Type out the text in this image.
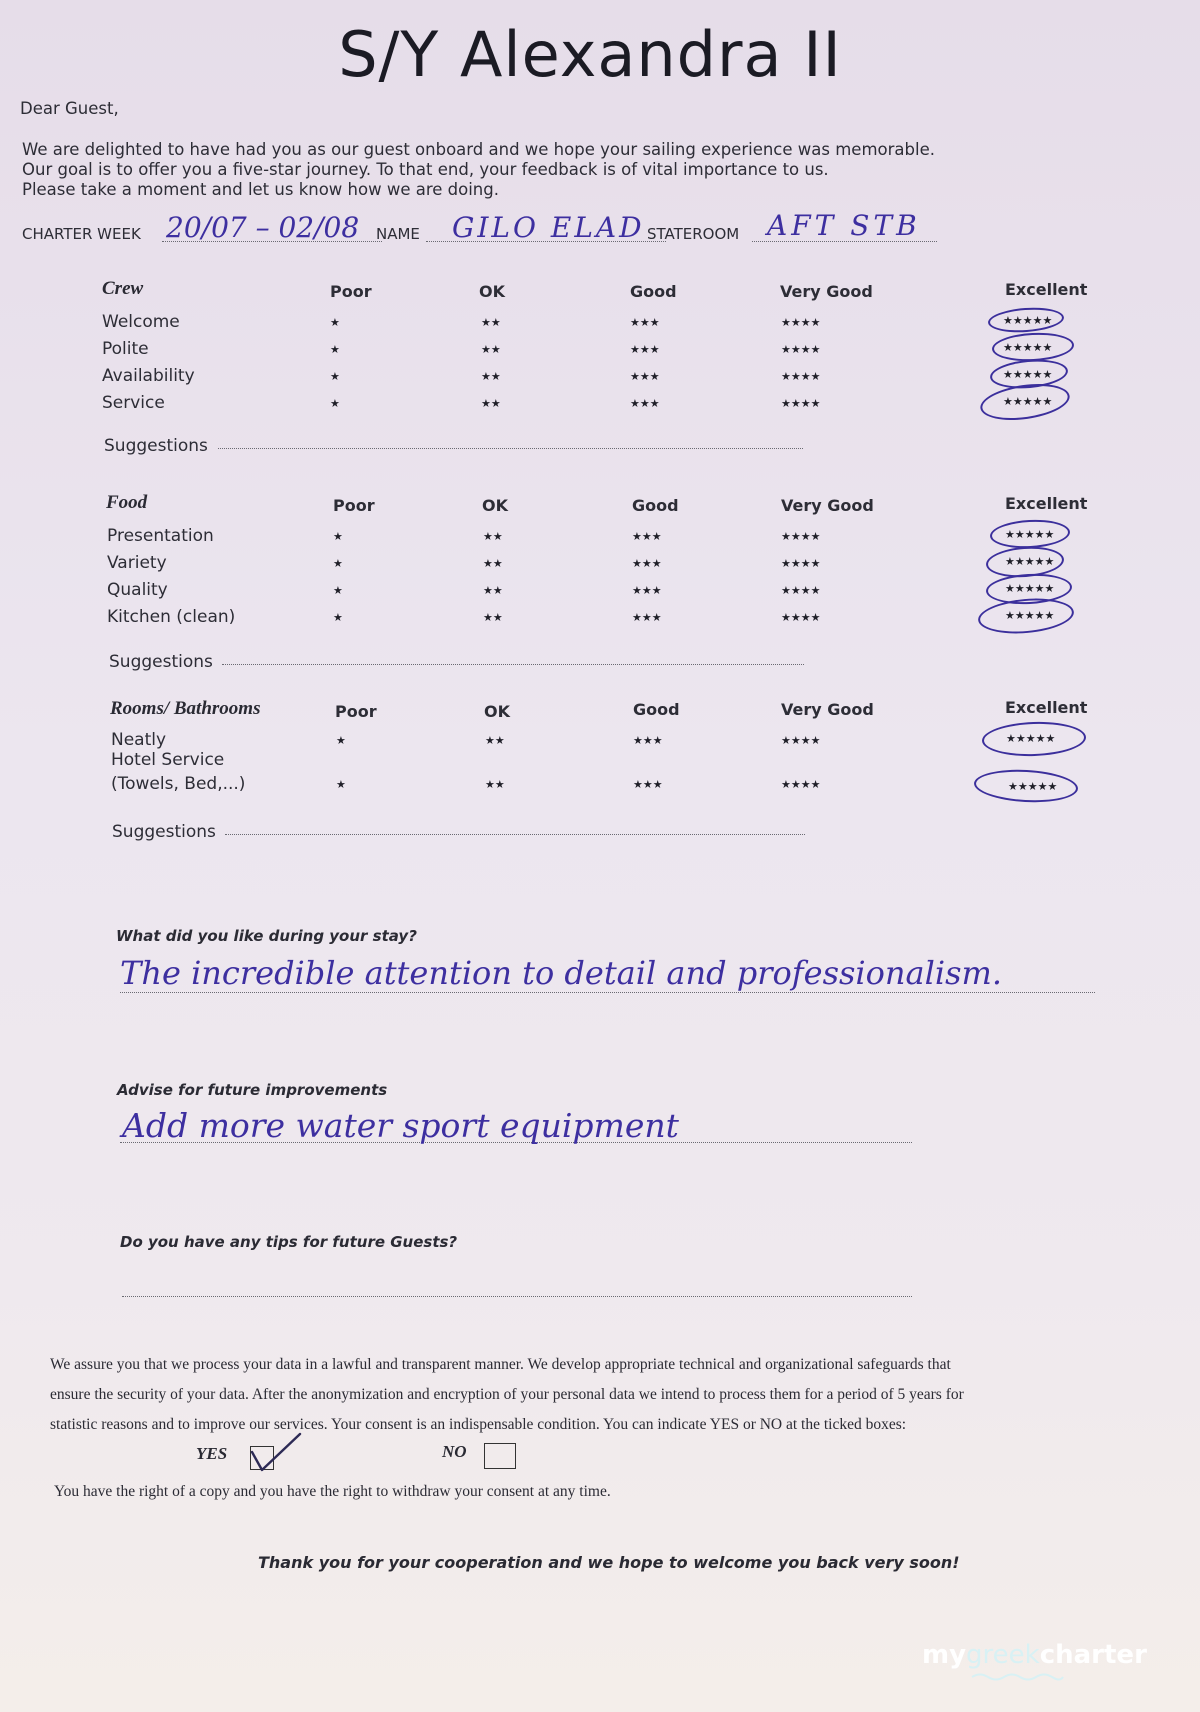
S/Y Alexandra II
Dear Guest,
We are delighted to have had you as our guest onboard and we hope your sailing experience was memorable.
Our goal is to offer you a five-star journey. To that end, your feedback is of vital importance to us.
Please take a moment and let us know how we are doing.
CHARTER WEEK 20/07 – 02/08 NAME GILO ELAD STATEROOM AFT STB
Crew	Poor	OK	Good	Very Good	Excellent
Welcome	★	★★	★★★	★★★★	★★★★★
Polite	★	★★	★★★	★★★★	★★★★★
Availability	★	★★	★★★	★★★★	★★★★★
Service	★	★★	★★★	★★★★	★★★★★
Suggestions
Food	Poor	OK	Good	Very Good	Excellent
Presentation	★	★★	★★★	★★★★	★★★★★
Variety	★	★★	★★★	★★★★	★★★★★
Quality	★	★★	★★★	★★★★	★★★★★
Kitchen (clean)	★	★★	★★★	★★★★	★★★★★
Suggestions
Rooms/ Bathrooms	Poor	OK	Good	Very Good	Excellent
Neatly	★	★★	★★★	★★★★	★★★★★
Hotel Service
(Towels, Bed,...)	★	★★	★★★	★★★★	★★★★★
Suggestions
What did you like during your stay?
The incredible attention to detail and professionalism.
Advise for future improvements
Add more water sport equipment
Do you have any tips for future Guests?
We assure you that we process your data in a lawful and transparent manner. We develop appropriate technical and organizational safeguards that
ensure the security of your data. After the anonymization and encryption of your personal data we intend to process them for a period of 5 years for
statistic reasons and to improve our services. Your consent is an indispensable condition. You can indicate YES or NO at the ticked boxes:
YES	NO
You have the right of a copy and you have the right to withdraw your consent at any time.
Thank you for your cooperation and we hope to welcome you back very soon!
mygreekcharter
